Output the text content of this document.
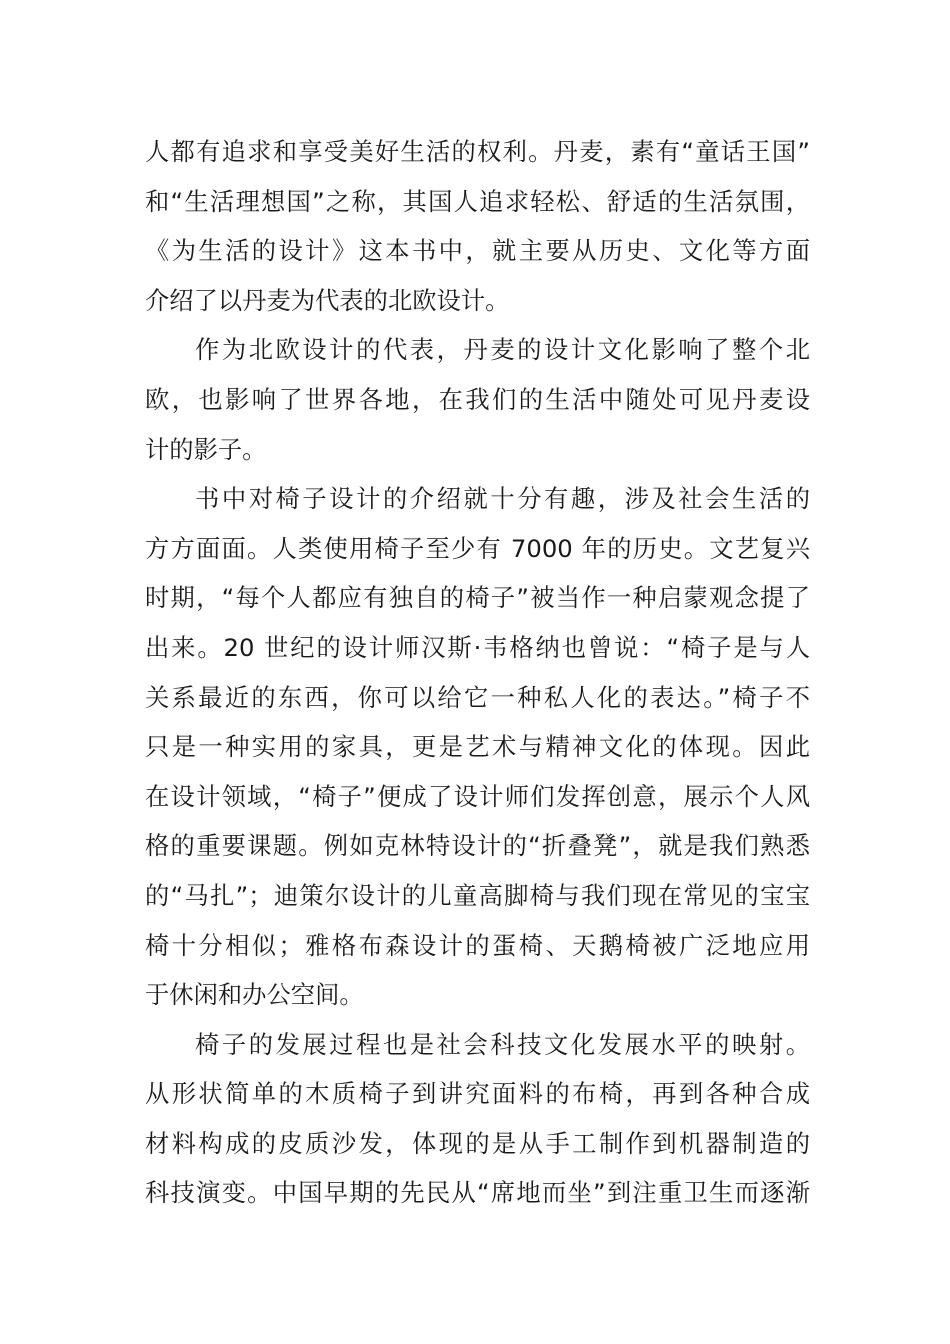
人都有追求和享受美好生活的权利。丹麦，素有“童话王国”
和“生活理想国”之称，其国人追求轻松、舒适的生活氛围，
《为生活的设计》这本书中，就主要从历史、文化等方面
介绍了以丹麦为代表的北欧设计。
作为北欧设计的代表，丹麦的设计文化影响了整个北
欧，也影响了世界各地，在我们的生活中随处可见丹麦设
计的影子。
书中对椅子设计的介绍就十分有趣，涉及社会生活的
方方面面。人类使用椅子至少有 7000 年的历史。文艺复兴
时期，“每个人都应有独自的椅子”被当作一种启蒙观念提了
出来。20 世纪的设计师汉斯·韦格纳也曾说：“椅子是与人
关系最近的东西，你可以给它一种私人化的表达。”椅子不
只是一种实用的家具，更是艺术与精神文化的体现。因此
在设计领域，“椅子”便成了设计师们发挥创意，展示个人风
格的重要课题。例如克林特设计的“折叠凳”，就是我们熟悉
的“马扎”；迪策尔设计的儿童高脚椅与我们现在常见的宝宝
椅十分相似；雅格布森设计的蛋椅、天鹅椅被广泛地应用
于休闲和办公空间。
椅子的发展过程也是社会科技文化发展水平的映射。
从形状简单的木质椅子到讲究面料的布椅，再到各种合成
材料构成的皮质沙发，体现的是从手工制作到机器制造的
科技演变。中国早期的先民从“席地而坐”到注重卫生而逐渐
